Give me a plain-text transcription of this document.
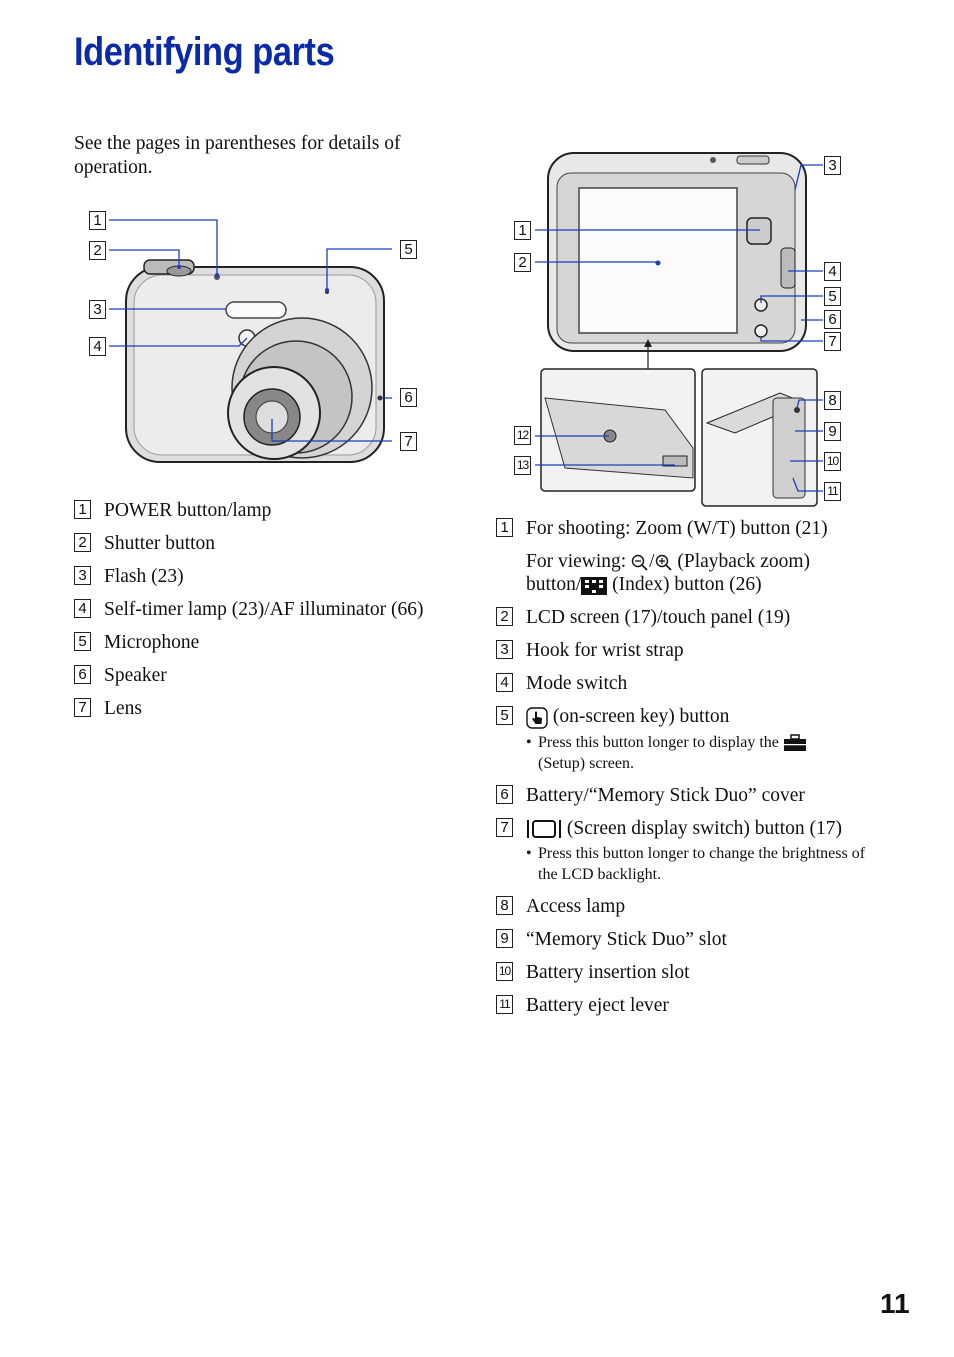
Identifying parts

See the pages in parentheses for details of operation.

1
2
3
4
5
6
7
1
2
3
4
5
6
7
8
9
10
11
12
13
1 POWER button/lamp
2 Shutter button
3 Flash (23)
4 Self-timer lamp (23)/AF illuminator (66)
5 Microphone
6 Speaker
7 Lens
1 For shooting: Zoom (W/T) button (21)
For viewing: / (Playback zoom)
button/ (Index) button (26)
2 LCD screen (17)/touch panel (19)
3 Hook for wrist strap
4 Mode switch
5 (on-screen key) button
• Press this button longer to display the
(Setup) screen.
6 Battery/“Memory Stick Duo” cover
7	(Screen display switch) button (17)
• Press this button longer to change the brightness of the LCD backlight.
8 Access lamp
9 “Memory Stick Duo” slot
10 Battery insertion slot
11 Battery eject lever
11
